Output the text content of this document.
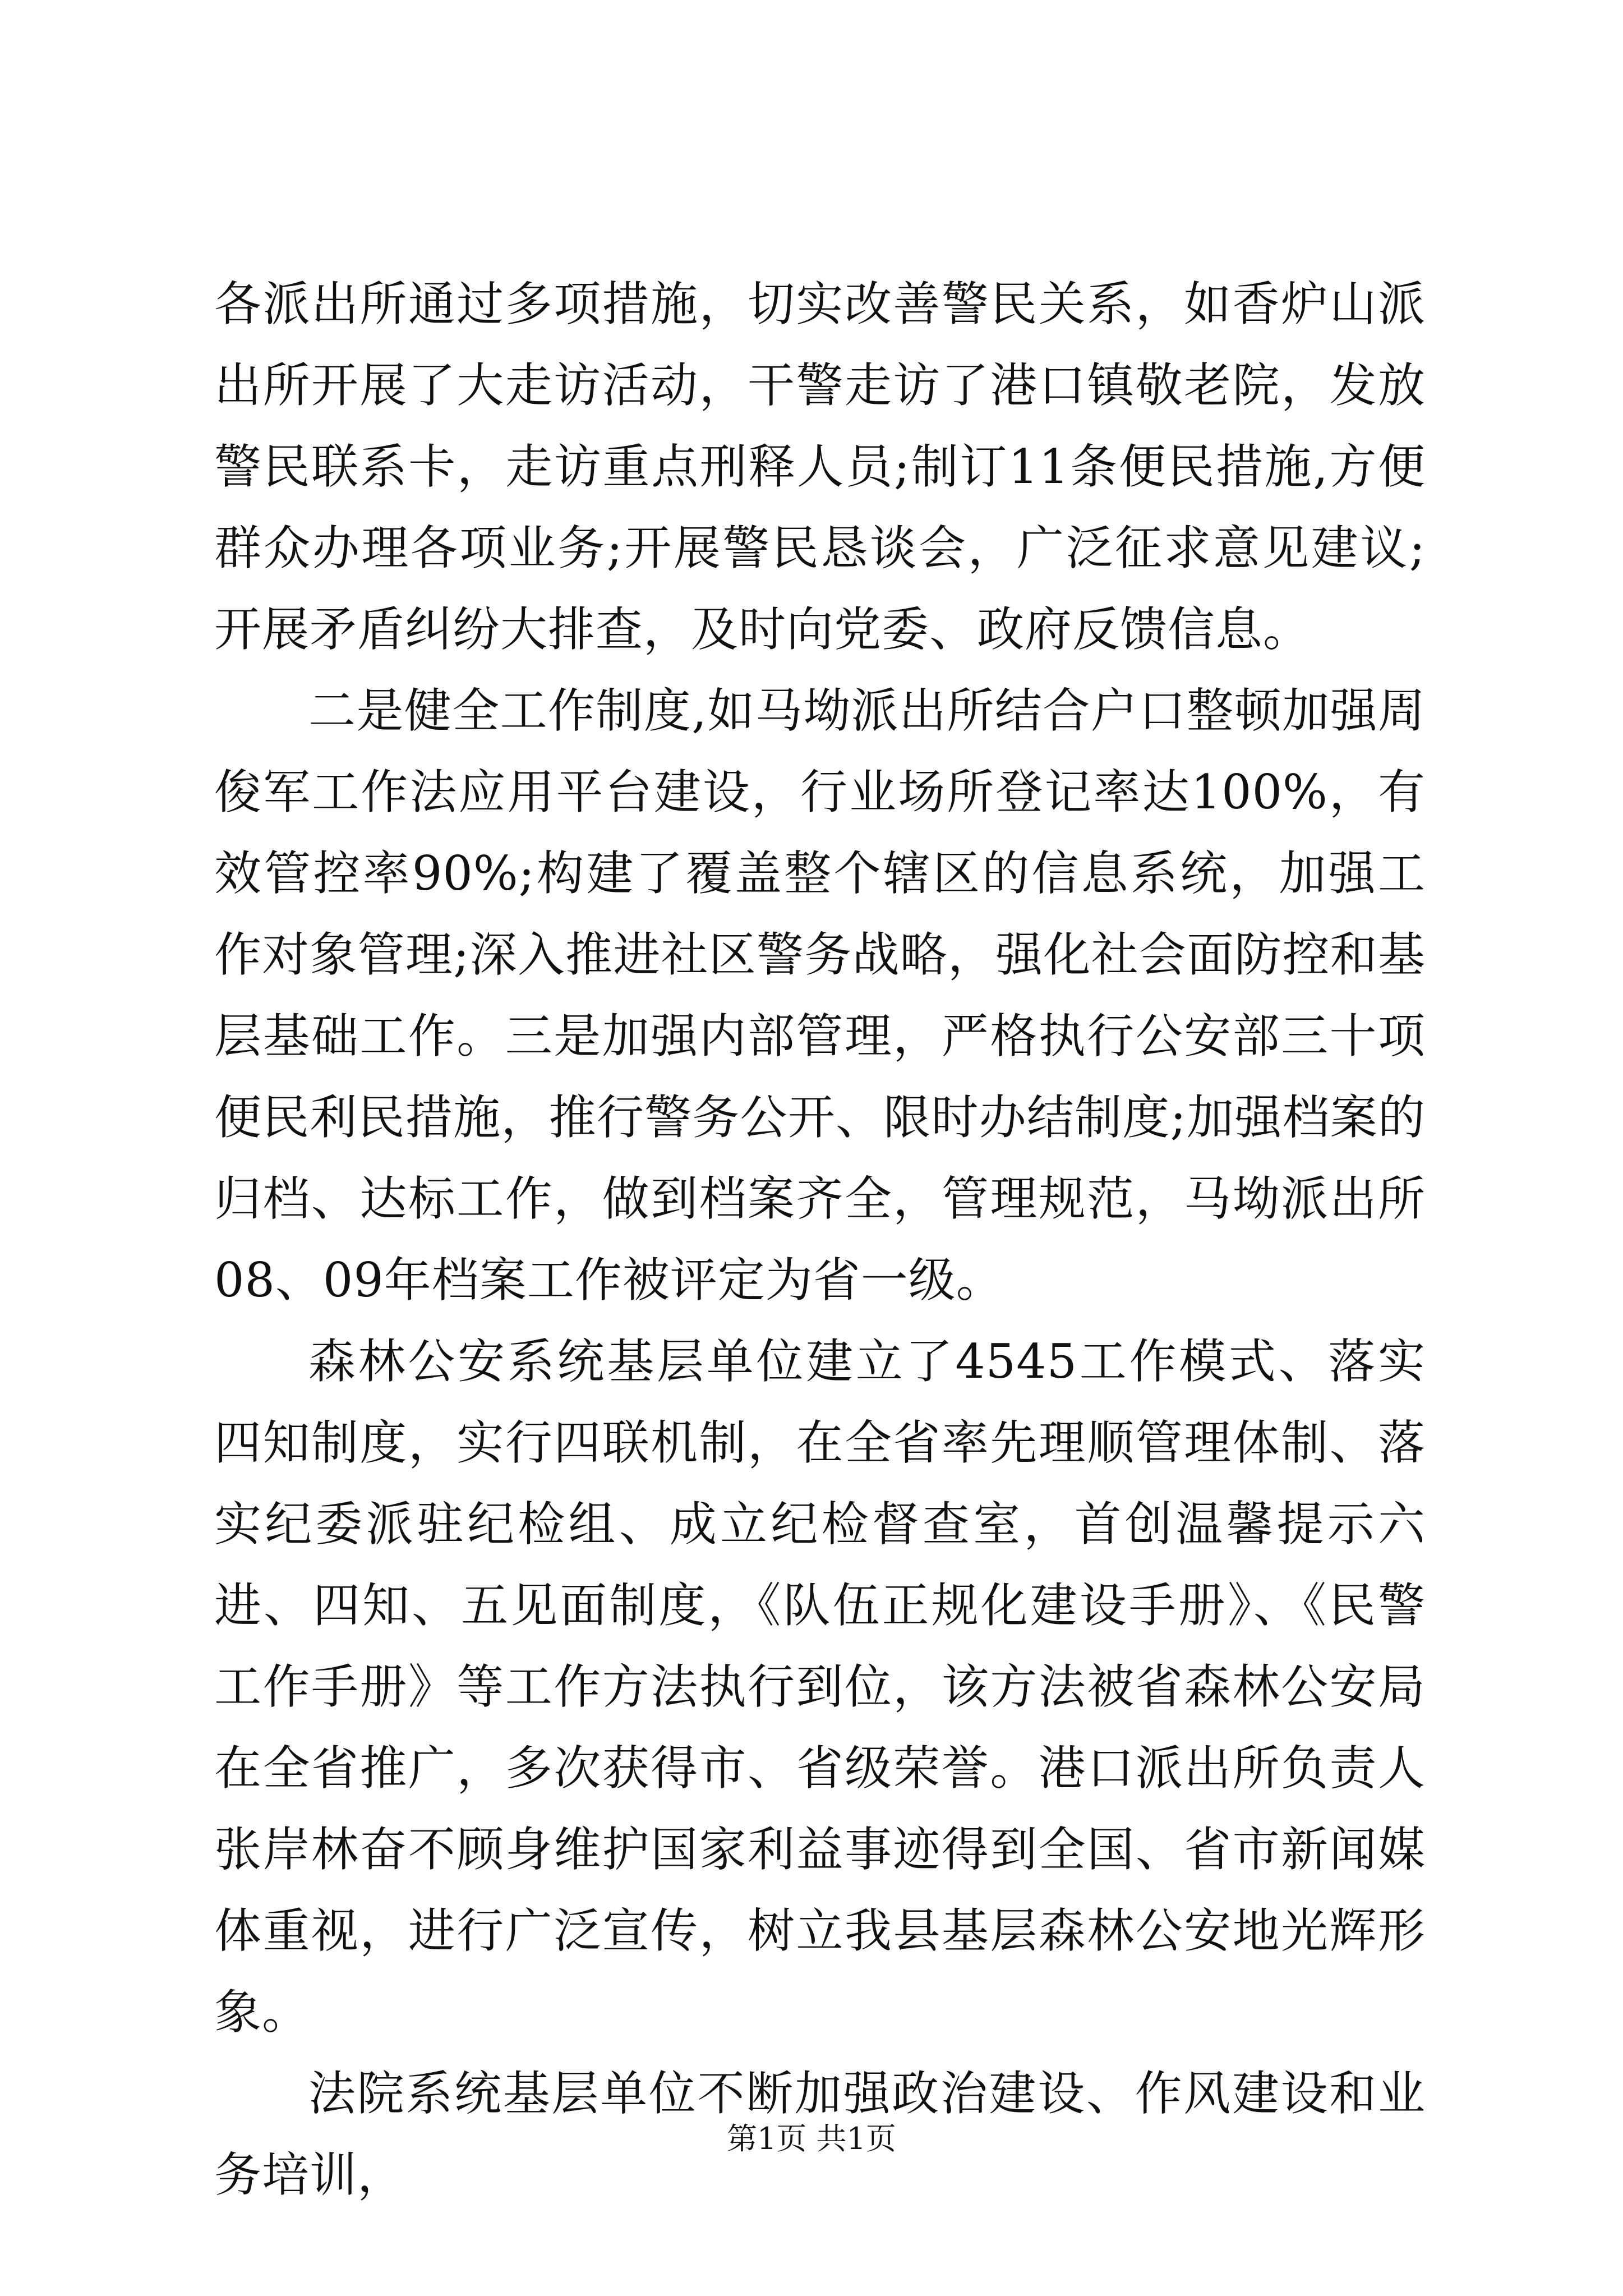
各派出所通过多项措施，切实改善警民关系，如香炉山派出所开展了大走访活动，干警走访了港口镇敬老院，发放警民联系卡，走访重点刑释人员;制订11条便民措施,方便群众办理各项业务;开展警民恳谈会，广泛征求意见建议;开展矛盾纠纷大排查，及时向党委、政府反馈信息。

二是健全工作制度,如马坳派出所结合户口整顿加强周俊军工作法应用平台建设，行业场所登记率达100%，有效管控率90%;构建了覆盖整个辖区的信息系统，加强工作对象管理;深入推进社区警务战略，强化社会面防控和基层基础工作。三是加强内部管理，严格执行公安部三十项便民利民措施，推行警务公开、限时办结制度;加强档案的归档、达标工作，做到档案齐全，管理规范，马坳派出所08、09年档案工作被评定为省一级。

森林公安系统基层单位建立了4545工作模式、落实四知制度，实行四联机制，在全省率先理顺管理体制、落实纪委派驻纪检组、成立纪检督查室，首创温馨提示六进、四知、五见面制度，《队伍正规化建设手册》、《民警工作手册》等工作方法执行到位，该方法被省森林公安局在全省推广，多次获得市、省级荣誉。港口派出所负责人张岸林奋不顾身维护国家利益事迹得到全国、省市新闻媒体重视，进行广泛宣传，树立我县基层森林公安地光辉形象。

法院系统基层单位不断加强政治建设、作风建设和业务培训，

第1页 共1页
